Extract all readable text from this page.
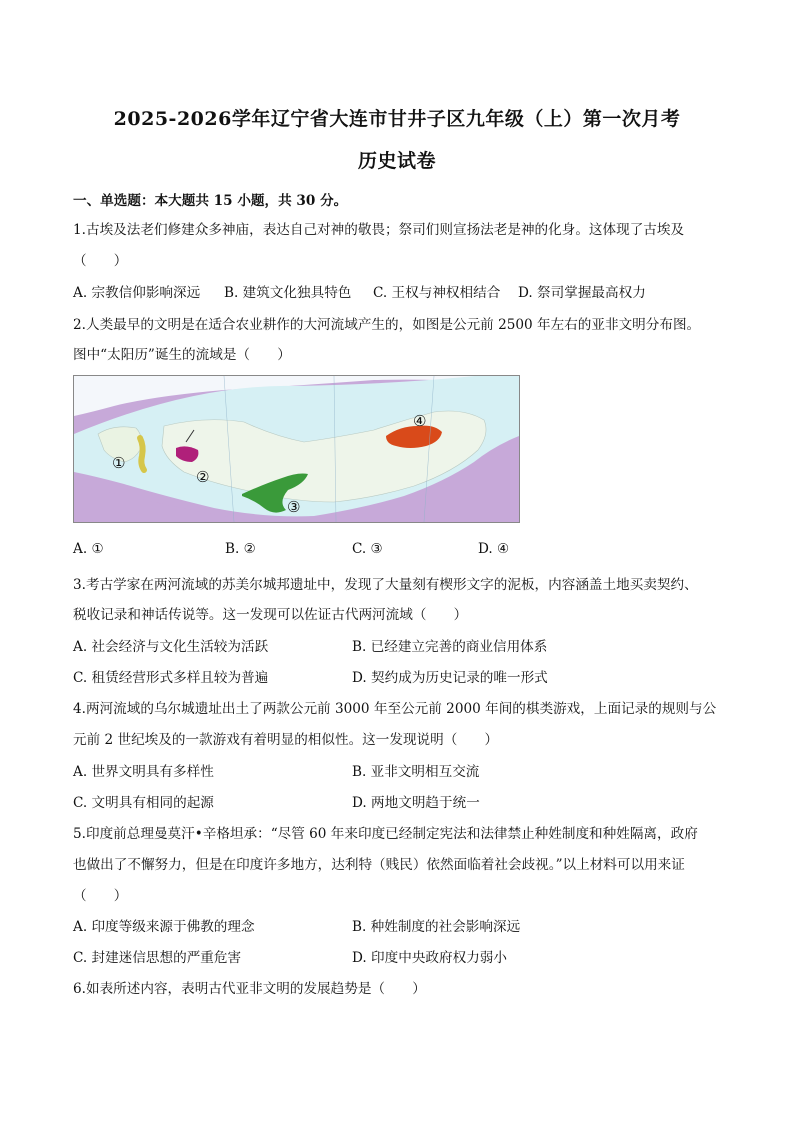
2025-2026学年辽宁省大连市甘井子区九年级（上）第一次月考
历史试卷
一、单选题：本大题共 15 小题，共 30 分。
1.古埃及法老们修建众多神庙，表达自己对神的敬畏；祭司们则宣扬法老是神的化身。这体现了古埃及
（　　）
A. 宗教信仰影响深远 B. 建筑文化独具特色 C. 王权与神权相结合 D. 祭司掌握最高权力
2.人类最早的文明是在适合农业耕作的大河流域产生的，如图是公元前 2500 年左右的亚非文明分布图。
图中“太阳历”诞生的流域是（　　）
①
②
③
④
A. ①	B. ②	C. ③	D. ④
3.考古学家在两河流域的苏美尔城邦遗址中，发现了大量刻有楔形文字的泥板，内容涵盖土地买卖契约、
税收记录和神话传说等。这一发现可以佐证古代两河流域（　　）
A. 社会经济与文化生活较为活跃	B. 已经建立完善的商业信用体系
C. 租赁经营形式多样且较为普遍	D. 契约成为历史记录的唯一形式
4.两河流域的乌尔城遗址出土了两款公元前 3000 年至公元前 2000 年间的棋类游戏，上面记录的规则与公
元前 2 世纪埃及的一款游戏有着明显的相似性。这一发现说明（　　）
A. 世界文明具有多样性	B. 亚非文明相互交流
C. 文明具有相同的起源	D. 两地文明趋于统一
5.印度前总理曼莫汗•辛格坦承：“尽管 60 年来印度已经制定宪法和法律禁止种姓制度和种姓隔离，政府
也做出了不懈努力，但是在印度许多地方，达利特（贱民）依然面临着社会歧视。”以上材料可以用来证
（　　）
A. 印度等级来源于佛教的理念	B. 种姓制度的社会影响深远
C. 封建迷信思想的严重危害	D. 印度中央政府权力弱小
6.如表所述内容，表明古代亚非文明的发展趋势是（　　）
